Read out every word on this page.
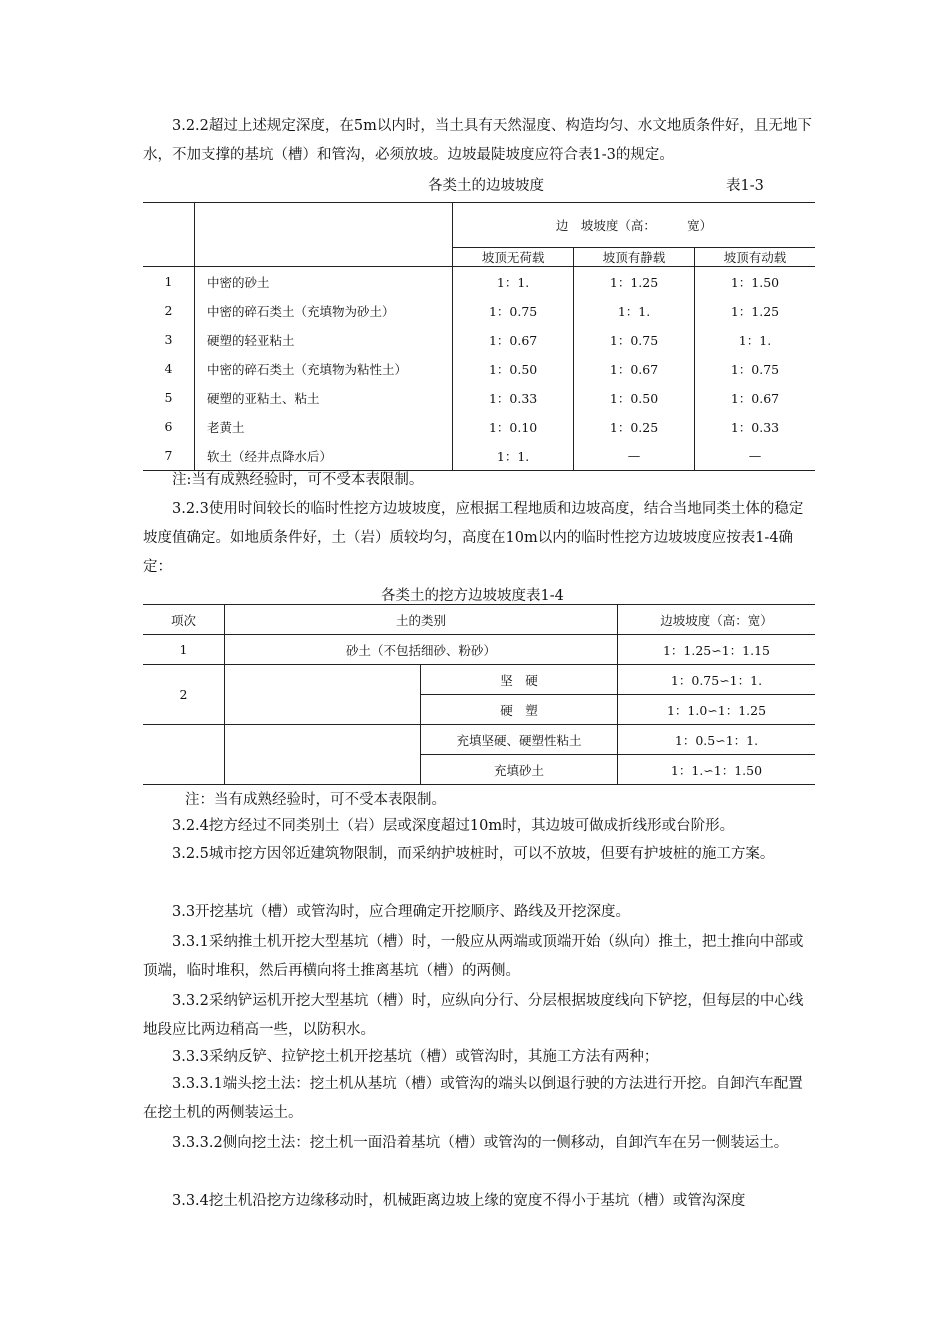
3.2.2超过上述规定深度，在5m以内时，当土具有天然湿度、构造均匀、水文地质条件好，且无地下水，不加支撑的基坑（槽）和管沟，必须放坡。边坡最陡坡度应符合表1-3的规定。

各类土的边坡坡度	表1-3
		边　坡坡度（高：　　　宽）		
		坡顶无荷载	坡顶有静载	坡顶有动载
1	中密的砂土	1：1.	1：1.25	1：1.50
2	中密的碎石类土（充填物为砂土）	1：0.75	1：1.	1：1.25
3	硬塑的轻亚粘土	1：0.67	1：0.75	1：1.
4	中密的碎石类土（充填物为粘性土）	1：0.50	1：0.67	1：0.75
5	硬塑的亚粘土、粘土	1：0.33	1：0.50	1：0.67
6	老黄土	1：0.10	1：0.25	1：0.33
7	软土（经井点降水后）	1：1.	—	—

注:当有成熟经验时，可不受本表限制。

3.2.3使用时间较长的临时性挖方边坡坡度，应根据工程地质和边坡高度，结合当地同类土体的稳定坡度值确定。如地质条件好，土（岩）质较均匀，高度在10m以内的临时性挖方边坡坡度应按表1-4确定：

各类土的挖方边坡坡度表1-4
项次	土的类别		边坡坡度（高：宽）
1	砂土（不包括细砂、粉砂）		1：1.25∽1：1.15
2		坚　硬	1：0.75∽1：1.
		硬　塑	1：1.0∽1：1.25
		充填坚硬、硬塑性粘土	1：0.5∽1：1.
		充填砂土	1：1.∽1：1.50

注：当有成熟经验时，可不受本表限制。

3.2.4挖方经过不同类别土（岩）层或深度超过10m时，其边坡可做成折线形或台阶形。

3.2.5城市挖方因邻近建筑物限制，而采纳护坡桩时，可以不放坡，但要有护坡桩的施工方案。

3.3开挖基坑（槽）或管沟时，应合理确定开挖顺序、路线及开挖深度。

3.3.1采纳推土机开挖大型基坑（槽）时，一般应从两端或顶端开始（纵向）推土，把土推向中部或顶端，临时堆积，然后再横向将土推离基坑（槽）的两侧。

3.3.2采纳铲运机开挖大型基坑（槽）时，应纵向分行、分层根据坡度线向下铲挖，但每层的中心线地段应比两边稍高一些，以防积水。

3.3.3采纳反铲、拉铲挖土机开挖基坑（槽）或管沟时，其施工方法有两种；

3.3.3.1端头挖土法：挖土机从基坑（槽）或管沟的端头以倒退行驶的方法进行开挖。自卸汽车配置在挖土机的两侧装运土。

3.3.3.2侧向挖土法：挖土机一面沿着基坑（槽）或管沟的一侧移动，自卸汽车在另一侧装运土。

3.3.4挖土机沿挖方边缘移动时，机械距离边坡上缘的宽度不得小于基坑（槽）或管沟深度
